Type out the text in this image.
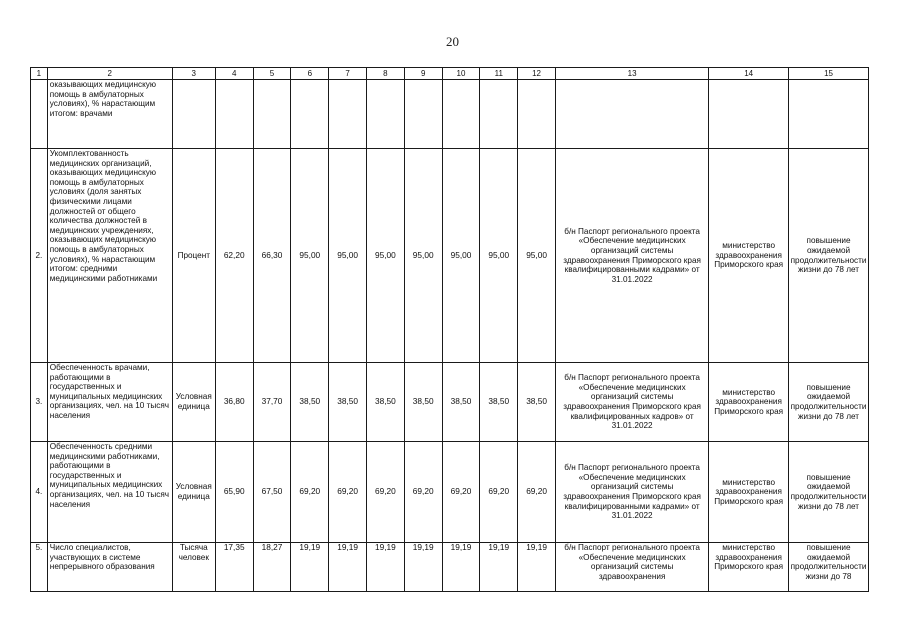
20
1	2	3	4	5	6	7	8	9	10	11	12	13	14	15
	оказывающих медицинскую помощь в амбулаторных условиях), % нарастающим итогом: врачами													
2.	Укомплектованность медицинских организаций, оказывающих медицинскую помощь в амбулаторных условиях (доля занятых физическими лицами должностей от общего количества должностей в медицинских учреждениях, оказывающих медицинскую помощь в амбулаторных условиях), % нарастающим итогом: средними медицинскими работниками	Процент	62,20	66,30	95,00	95,00	95,00	95,00	95,00	95,00	95,00	б/н Паспорт регионального проекта «Обеспечение медицинских организаций системы здравоохранения Приморского края квалифицированными кадрами» от 31.01.2022	министерство здравоохранения Приморского края	повышение ожидаемой продолжительности жизни до 78 лет
3.	Обеспеченность врачами, работающими в государственных и муниципальных медицинских организациях, чел. на 10 тысяч населения	Условная единица	36,80	37,70	38,50	38,50	38,50	38,50	38,50	38,50	38,50	б/н Паспорт регионального проекта «Обеспечение медицинских организаций системы здравоохранения Приморского края квалифицированных кадров» от 31.01.2022	министерство здравоохранения Приморского края	повышение ожидаемой продолжительности жизни до 78 лет
4.	Обеспеченность средними медицинскими работниками, работающими в государственных и муниципальных медицинских организациях, чел. на 10 тысяч населения	Условная единица	65,90	67,50	69,20	69,20	69,20	69,20	69,20	69,20	69,20	б/н Паспорт регионального проекта «Обеспечение медицинских организаций системы здравоохранения Приморского края квалифицированными кадрами» от 31.01.2022	министерство здравоохранения Приморского края	повышение ожидаемой продолжительности жизни до 78 лет
5.	Число специалистов, участвующих в системе непрерывного образования	Тысяча человек	17,35	18,27	19,19	19,19	19,19	19,19	19,19	19,19	19,19	б/н Паспорт регионального проекта «Обеспечение медицинских организаций системы здравоохранения	министерство здравоохранения Приморского края	повышение ожидаемой продолжительности жизни до 78
